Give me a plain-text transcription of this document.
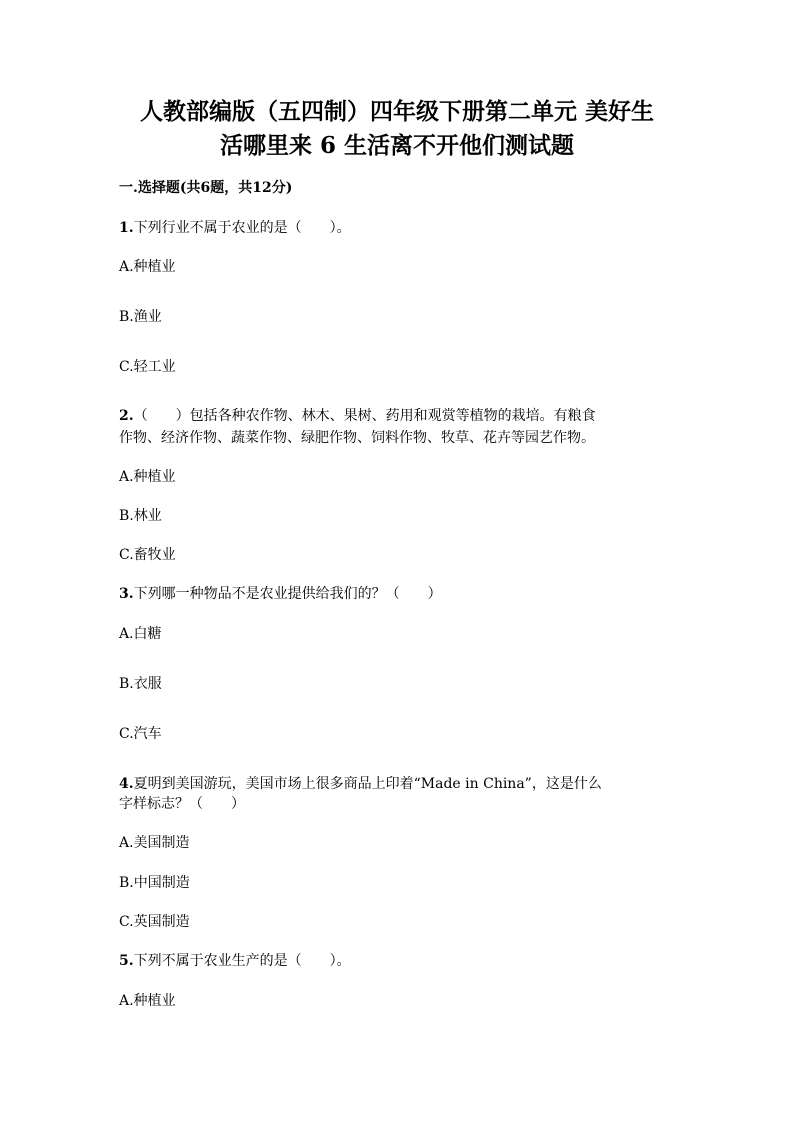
人教部编版（五四制）四年级下册第二单元 美好生
活哪里来 6 生活离不开他们测试题
一.选择题(共6题，共12分)
1.下列行业不属于农业的是（　　）。
A.种植业
B.渔业
C.轻工业
2.（　　）包括各种农作物、林木、果树、药用和观赏等植物的栽培。有粮食
作物、经济作物、蔬菜作物、绿肥作物、饲料作物、牧草、花卉等园艺作物。
A.种植业
B.林业
C.畜牧业
3.下列哪一种物品不是农业提供给我们的？（　　）
A.白糖
B.衣服
C.汽车
4.夏明到美国游玩，美国市场上很多商品上印着“Made in China”，这是什么
字样标志？（　　）
A.美国制造
B.中国制造
C.英国制造
5.下列不属于农业生产的是（　　）。
A.种植业
